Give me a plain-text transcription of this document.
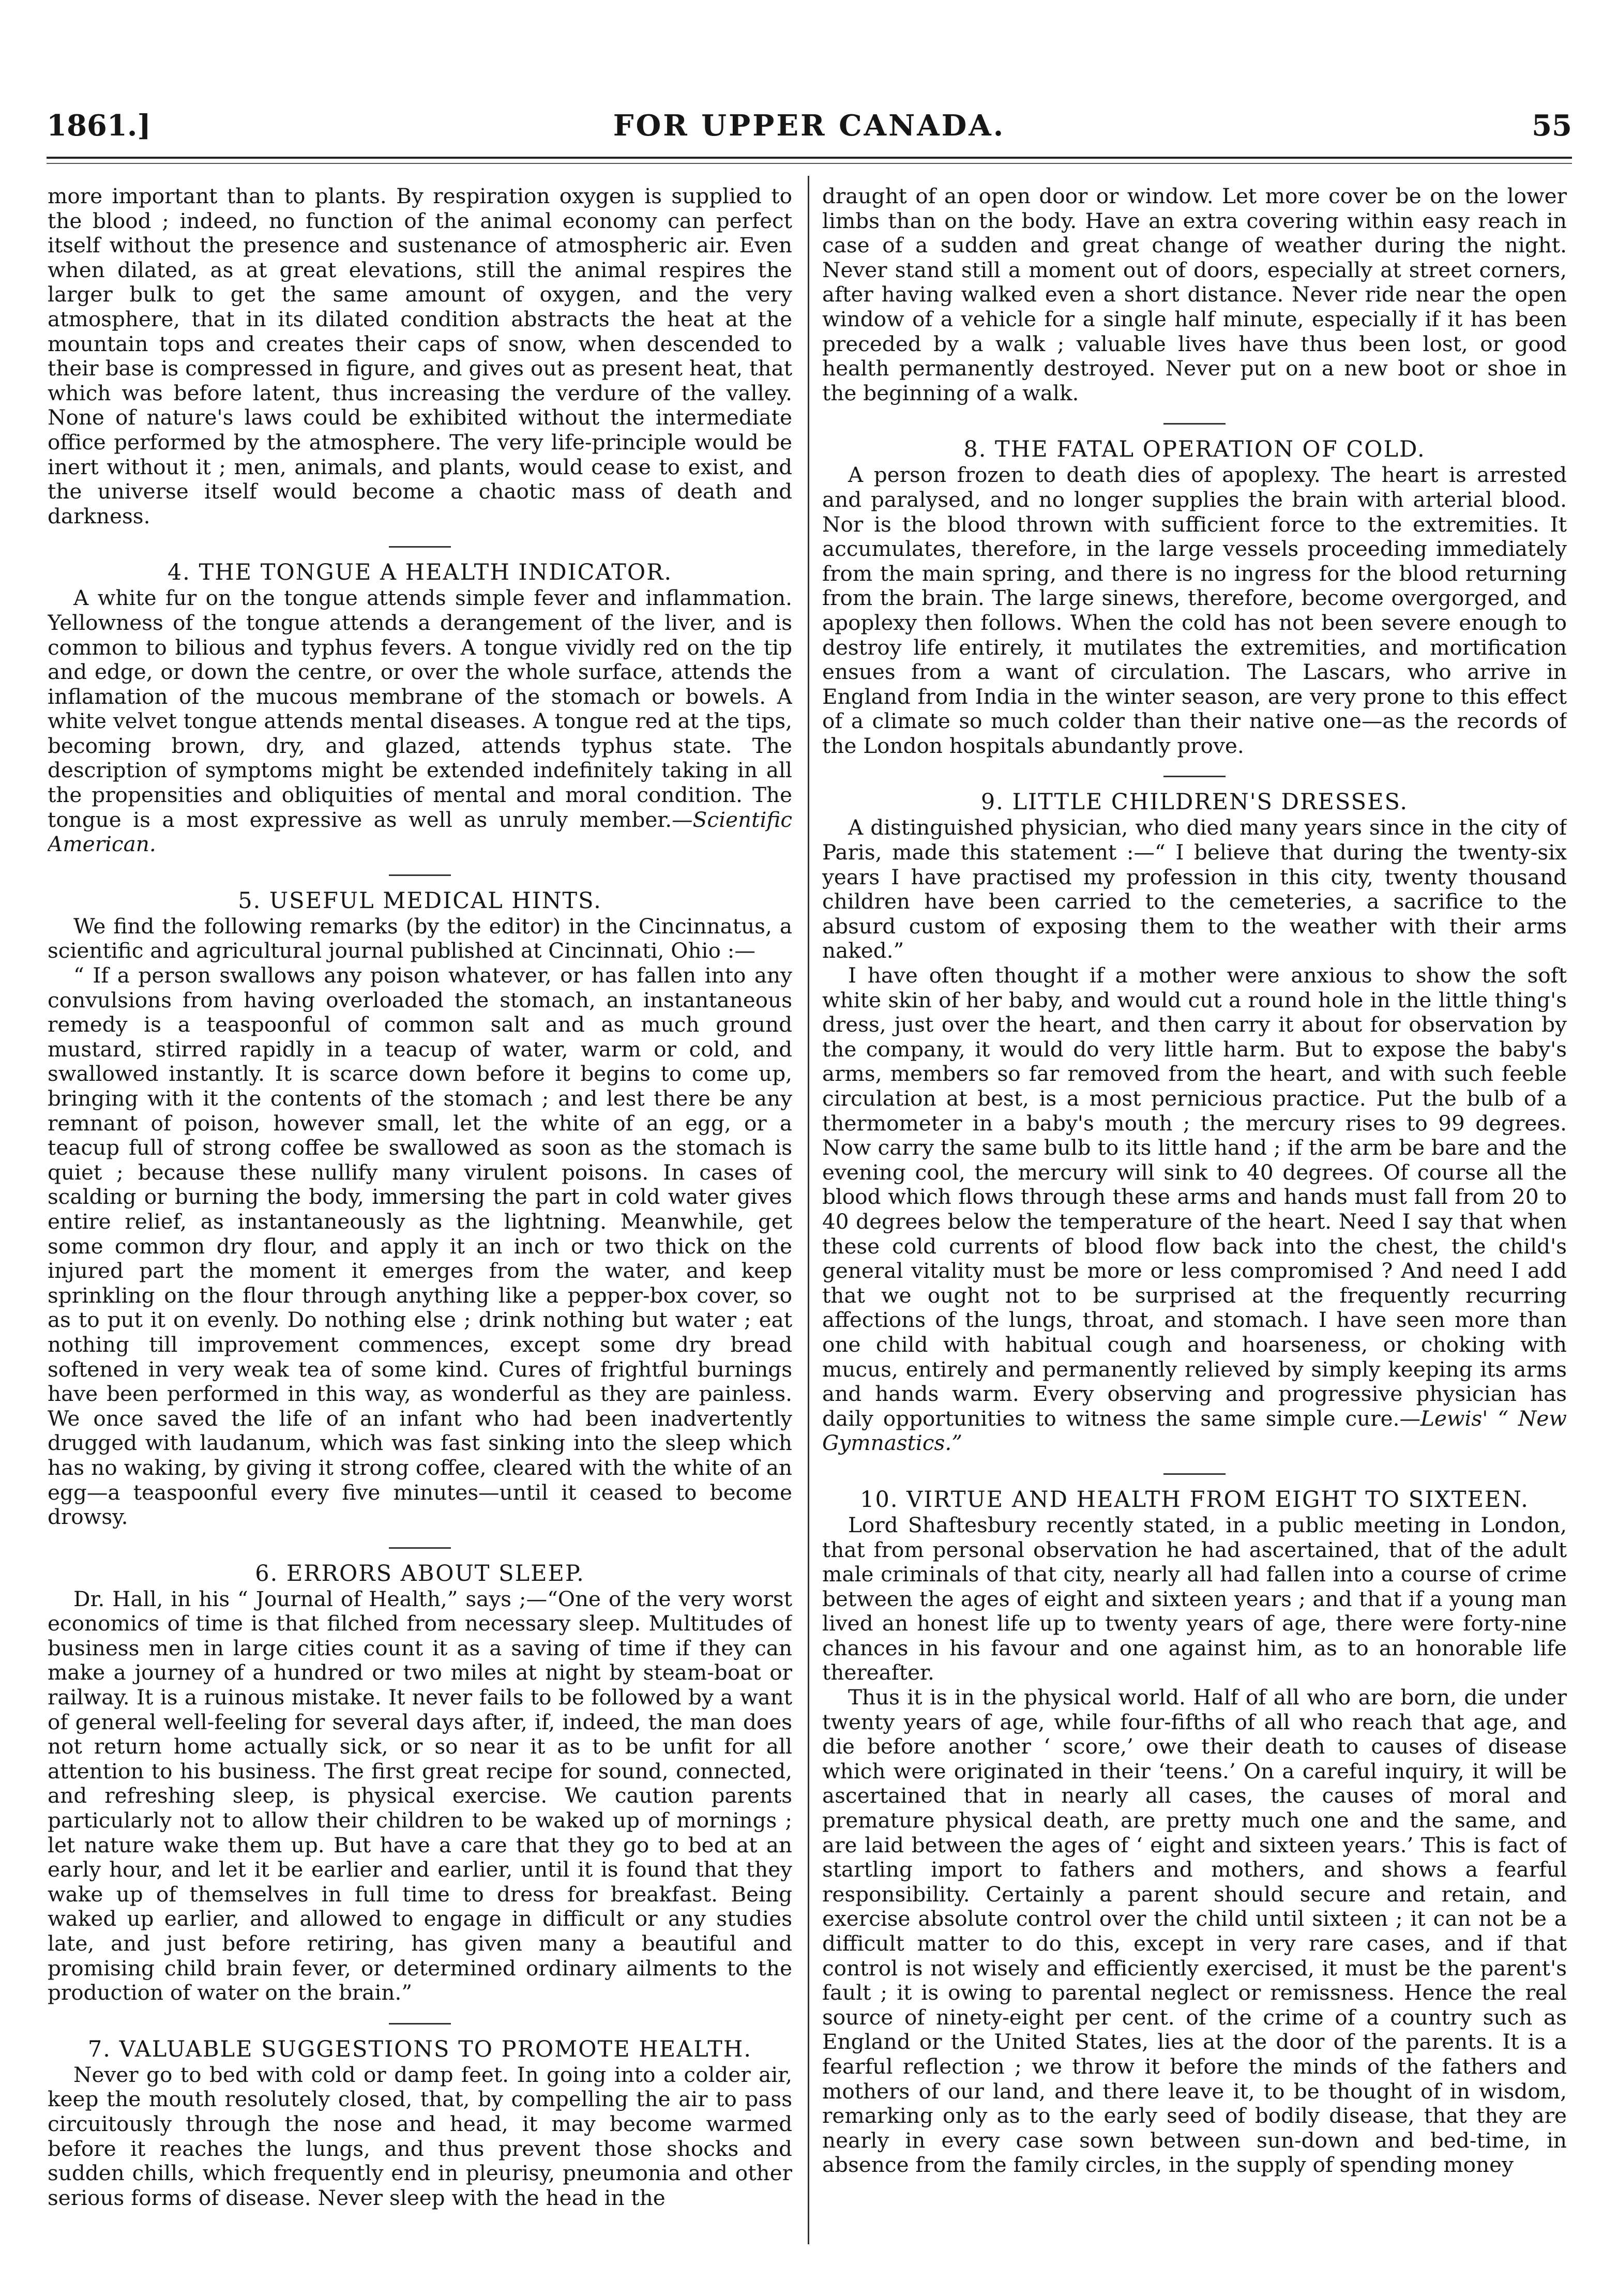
1861.]	FOR UPPER CANADA.	55

more important than to plants. By respiration oxygen is supplied to the blood ; indeed, no function of the animal economy can perfect itself without the presence and sustenance of atmospheric air. Even when dilated, as at great elevations, still the animal respires the larger bulk to get the same amount of oxygen, and the very atmosphere, that in its dilated condition abstracts the heat at the mountain tops and creates their caps of snow, when descended to their base is compressed in figure, and gives out as present heat, that which was before latent, thus increasing the verdure of the valley. None of nature's laws could be exhibited without the intermediate office performed by the atmosphere. The very life-principle would be inert without it ; men, animals, and plants, would cease to exist, and the universe itself would become a chaotic mass of death and darkness.

4. THE TONGUE A HEALTH INDICATOR.

A white fur on the tongue attends simple fever and inflammation. Yellowness of the tongue attends a derangement of the liver, and is common to bilious and typhus fevers. A tongue vividly red on the tip and edge, or down the centre, or over the whole surface, attends the inflamation of the mucous membrane of the stomach or bowels. A white velvet tongue attends mental diseases. A tongue red at the tips, becoming brown, dry, and glazed, attends typhus state. The description of symptoms might be extended indefinitely taking in all the propensities and obliquities of mental and moral condition. The tongue is a most expressive as well as unruly member.—Scientific American.

5. USEFUL MEDICAL HINTS.

We find the following remarks (by the editor) in the Cincinnatus, a scientific and agricultural journal published at Cincinnati, Ohio :—

“ If a person swallows any poison whatever, or has fallen into any convulsions from having overloaded the stomach, an instantaneous remedy is a teaspoonful of common salt and as much ground mustard, stirred rapidly in a teacup of water, warm or cold, and swallowed instantly. It is scarce down before it begins to come up, bringing with it the contents of the stomach ; and lest there be any remnant of poison, however small, let the white of an egg, or a teacup full of strong coffee be swallowed as soon as the stomach is quiet ; because these nullify many virulent poisons. In cases of scalding or burning the body, immersing the part in cold water gives entire relief, as instantaneously as the lightning. Meanwhile, get some common dry flour, and apply it an inch or two thick on the injured part the moment it emerges from the water, and keep sprinkling on the flour through anything like a pepper-box cover, so as to put it on evenly. Do nothing else ; drink nothing but water ; eat nothing till improvement commences, except some dry bread softened in very weak tea of some kind. Cures of frightful burnings have been performed in this way, as wonderful as they are painless. We once saved the life of an infant who had been inadvertently drugged with laudanum, which was fast sinking into the sleep which has no waking, by giving it strong coffee, cleared with the white of an egg—a teaspoonful every five minutes—until it ceased to become drowsy.

6. ERRORS ABOUT SLEEP.

Dr. Hall, in his “ Journal of Health,” says ;—“One of the very worst economics of time is that filched from necessary sleep. Multitudes of business men in large cities count it as a saving of time if they can make a journey of a hundred or two miles at night by steam-boat or railway. It is a ruinous mistake. It never fails to be followed by a want of general well-feeling for several days after, if, indeed, the man does not return home actually sick, or so near it as to be unfit for all attention to his business. The first great recipe for sound, connected, and refreshing sleep, is physical exercise. We caution parents particularly not to allow their children to be waked up of mornings ; let nature wake them up. But have a care that they go to bed at an early hour, and let it be earlier and earlier, until it is found that they wake up of themselves in full time to dress for breakfast. Being waked up earlier, and allowed to engage in difficult or any studies late, and just before retiring, has given many a beautiful and promising child brain fever, or determined ordinary ailments to the production of water on the brain.”

7. VALUABLE SUGGESTIONS TO PROMOTE HEALTH.

Never go to bed with cold or damp feet. In going into a colder air, keep the mouth resolutely closed, that, by compelling the air to pass circuitously through the nose and head, it may become warmed before it reaches the lungs, and thus prevent those shocks and sudden chills, which frequently end in pleurisy, pneumonia and other serious forms of disease. Never sleep with the head in the

draught of an open door or window. Let more cover be on the lower limbs than on the body. Have an extra covering within easy reach in case of a sudden and great change of weather during the night. Never stand still a moment out of doors, especially at street corners, after having walked even a short distance. Never ride near the open window of a vehicle for a single half minute, especially if it has been preceded by a walk ; valuable lives have thus been lost, or good health permanently destroyed. Never put on a new boot or shoe in the beginning of a walk.

8. THE FATAL OPERATION OF COLD.

A person frozen to death dies of apoplexy. The heart is arrested and paralysed, and no longer supplies the brain with arterial blood. Nor is the blood thrown with sufficient force to the extremities. It accumulates, therefore, in the large vessels proceeding immediately from the main spring, and there is no ingress for the blood returning from the brain. The large sinews, therefore, become overgorged, and apoplexy then follows. When the cold has not been severe enough to destroy life entirely, it mutilates the extremities, and mortification ensues from a want of circulation. The Lascars, who arrive in England from India in the winter season, are very prone to this effect of a climate so much colder than their native one—as the records of the London hospitals abundantly prove.

9. LITTLE CHILDREN'S DRESSES.

A distinguished physician, who died many years since in the city of Paris, made this statement :—“ I believe that during the twenty-six years I have practised my profession in this city, twenty thousand children have been carried to the cemeteries, a sacrifice to the absurd custom of exposing them to the weather with their arms naked.”

I have often thought if a mother were anxious to show the soft white skin of her baby, and would cut a round hole in the little thing's dress, just over the heart, and then carry it about for observation by the company, it would do very little harm. But to expose the baby's arms, members so far removed from the heart, and with such feeble circulation at best, is a most pernicious practice. Put the bulb of a thermometer in a baby's mouth ; the mercury rises to 99 degrees. Now carry the same bulb to its little hand ; if the arm be bare and the evening cool, the mercury will sink to 40 degrees. Of course all the blood which flows through these arms and hands must fall from 20 to 40 degrees below the temperature of the heart. Need I say that when these cold currents of blood flow back into the chest, the child's general vitality must be more or less compromised ? And need I add that we ought not to be surprised at the frequently recurring affections of the lungs, throat, and stomach. I have seen more than one child with habitual cough and hoarseness, or choking with mucus, entirely and permanently relieved by simply keeping its arms and hands warm. Every observing and progressive physician has daily opportunities to witness the same simple cure.—Lewis' “ New Gymnastics.”

10. VIRTUE AND HEALTH FROM EIGHT TO SIXTEEN.

Lord Shaftesbury recently stated, in a public meeting in London, that from personal observation he had ascertained, that of the adult male criminals of that city, nearly all had fallen into a course of crime between the ages of eight and sixteen years ; and that if a young man lived an honest life up to twenty years of age, there were forty-nine chances in his favour and one against him, as to an honorable life thereafter.

Thus it is in the physical world. Half of all who are born, die under twenty years of age, while four-fifths of all who reach that age, and die before another ‘ score,’ owe their death to causes of disease which were originated in their ‘teens.’ On a careful inquiry, it will be ascertained that in nearly all cases, the causes of moral and premature physical death, are pretty much one and the same, and are laid between the ages of ‘ eight and sixteen years.’ This is fact of startling import to fathers and mothers, and shows a fearful responsibility. Certainly a parent should secure and retain, and exercise absolute control over the child until sixteen ; it can not be a difficult matter to do this, except in very rare cases, and if that control is not wisely and efficiently exercised, it must be the parent's fault ; it is owing to parental neglect or remissness. Hence the real source of ninety-eight per cent. of the crime of a country such as England or the United States, lies at the door of the parents. It is a fearful reflection ; we throw it before the minds of the fathers and mothers of our land, and there leave it, to be thought of in wisdom, remarking only as to the early seed of bodily disease, that they are nearly in every case sown between sun-down and bed-time, in absence from the family circles, in the supply of spending money
